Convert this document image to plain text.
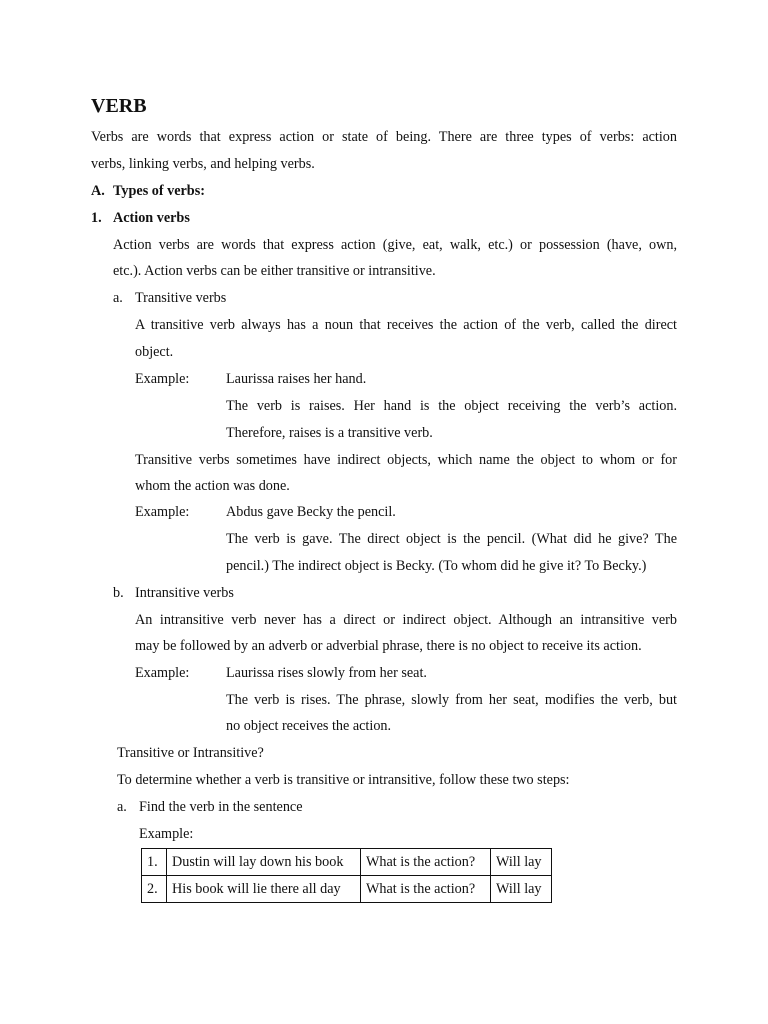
VERB
Verbs are words that express action or state of being. There are three types of verbs: action
verbs, linking verbs, and helping verbs.
A. Types of verbs:
1. Action verbs
Action verbs are words that express action (give, eat, walk, etc.) or possession (have, own,
etc.). Action verbs can be either transitive or intransitive.
a. Transitive verbs
A transitive verb always has a noun that receives the action of the verb, called the direct
object.
Example:	Laurissa raises her hand.
The verb is raises. Her hand is the object receiving the verb’s action.
Therefore, raises is a transitive verb.
Transitive verbs sometimes have indirect objects, which name the object to whom or for
whom the action was done.
Example:	Abdus gave Becky the pencil.
The verb is gave. The direct object is the pencil. (What did he give? The
pencil.) The indirect object is Becky. (To whom did he give it? To Becky.)
b. Intransitive verbs
An intransitive verb never has a direct or indirect object. Although an intransitive verb
may be followed by an adverb or adverbial phrase, there is no object to receive its action.
Example:	Laurissa rises slowly from her seat.
The verb is rises. The phrase, slowly from her seat, modifies the verb, but
no object receives the action.
Transitive or Intransitive?
To determine whether a verb is transitive or intransitive, follow these two steps:
a. Find the verb in the sentence
Example:
1.	Dustin will lay down his book	What is the action?	Will lay
2.	His book will lie there all day	What is the action?	Will lay
